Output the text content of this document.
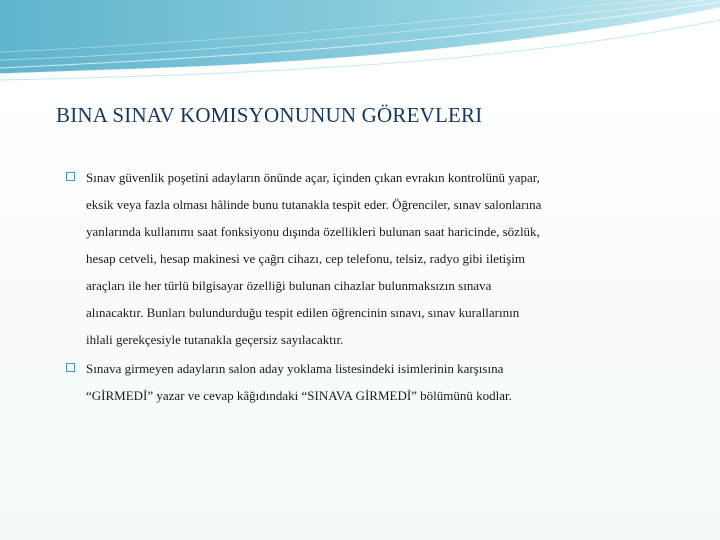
BINA SINAV KOMISYONUNUN GÖREVLERI
Sınav güvenlik poşetini adayların önünde açar, içinden çıkan evrakın kontrolünü yapar,
eksik veya fazla olması hâlinde bunu tutanakla tespit eder. Öğrenciler, sınav salonlarına
yanlarında kullanımı saat fonksiyonu dışında özellikleri bulunan saat haricinde, sözlük,
hesap cetveli, hesap makinesi ve çağrı cihazı, cep telefonu, telsiz, radyo gibi iletişim
araçları ile her türlü bilgisayar özelliği bulunan cihazlar bulunmaksızın sınava
alınacaktır. Bunları bulundurduğu tespit edilen öğrencinin sınavı, sınav kurallarının
ihlali gerekçesiyle tutanakla geçersiz sayılacaktır.
Sınava girmeyen adayların salon aday yoklama listesindeki isimlerinin karşısına
“GİRMEDİ” yazar ve cevap kâğıdındaki “SINAVA GİRMEDİ” bölümünü kodlar.
